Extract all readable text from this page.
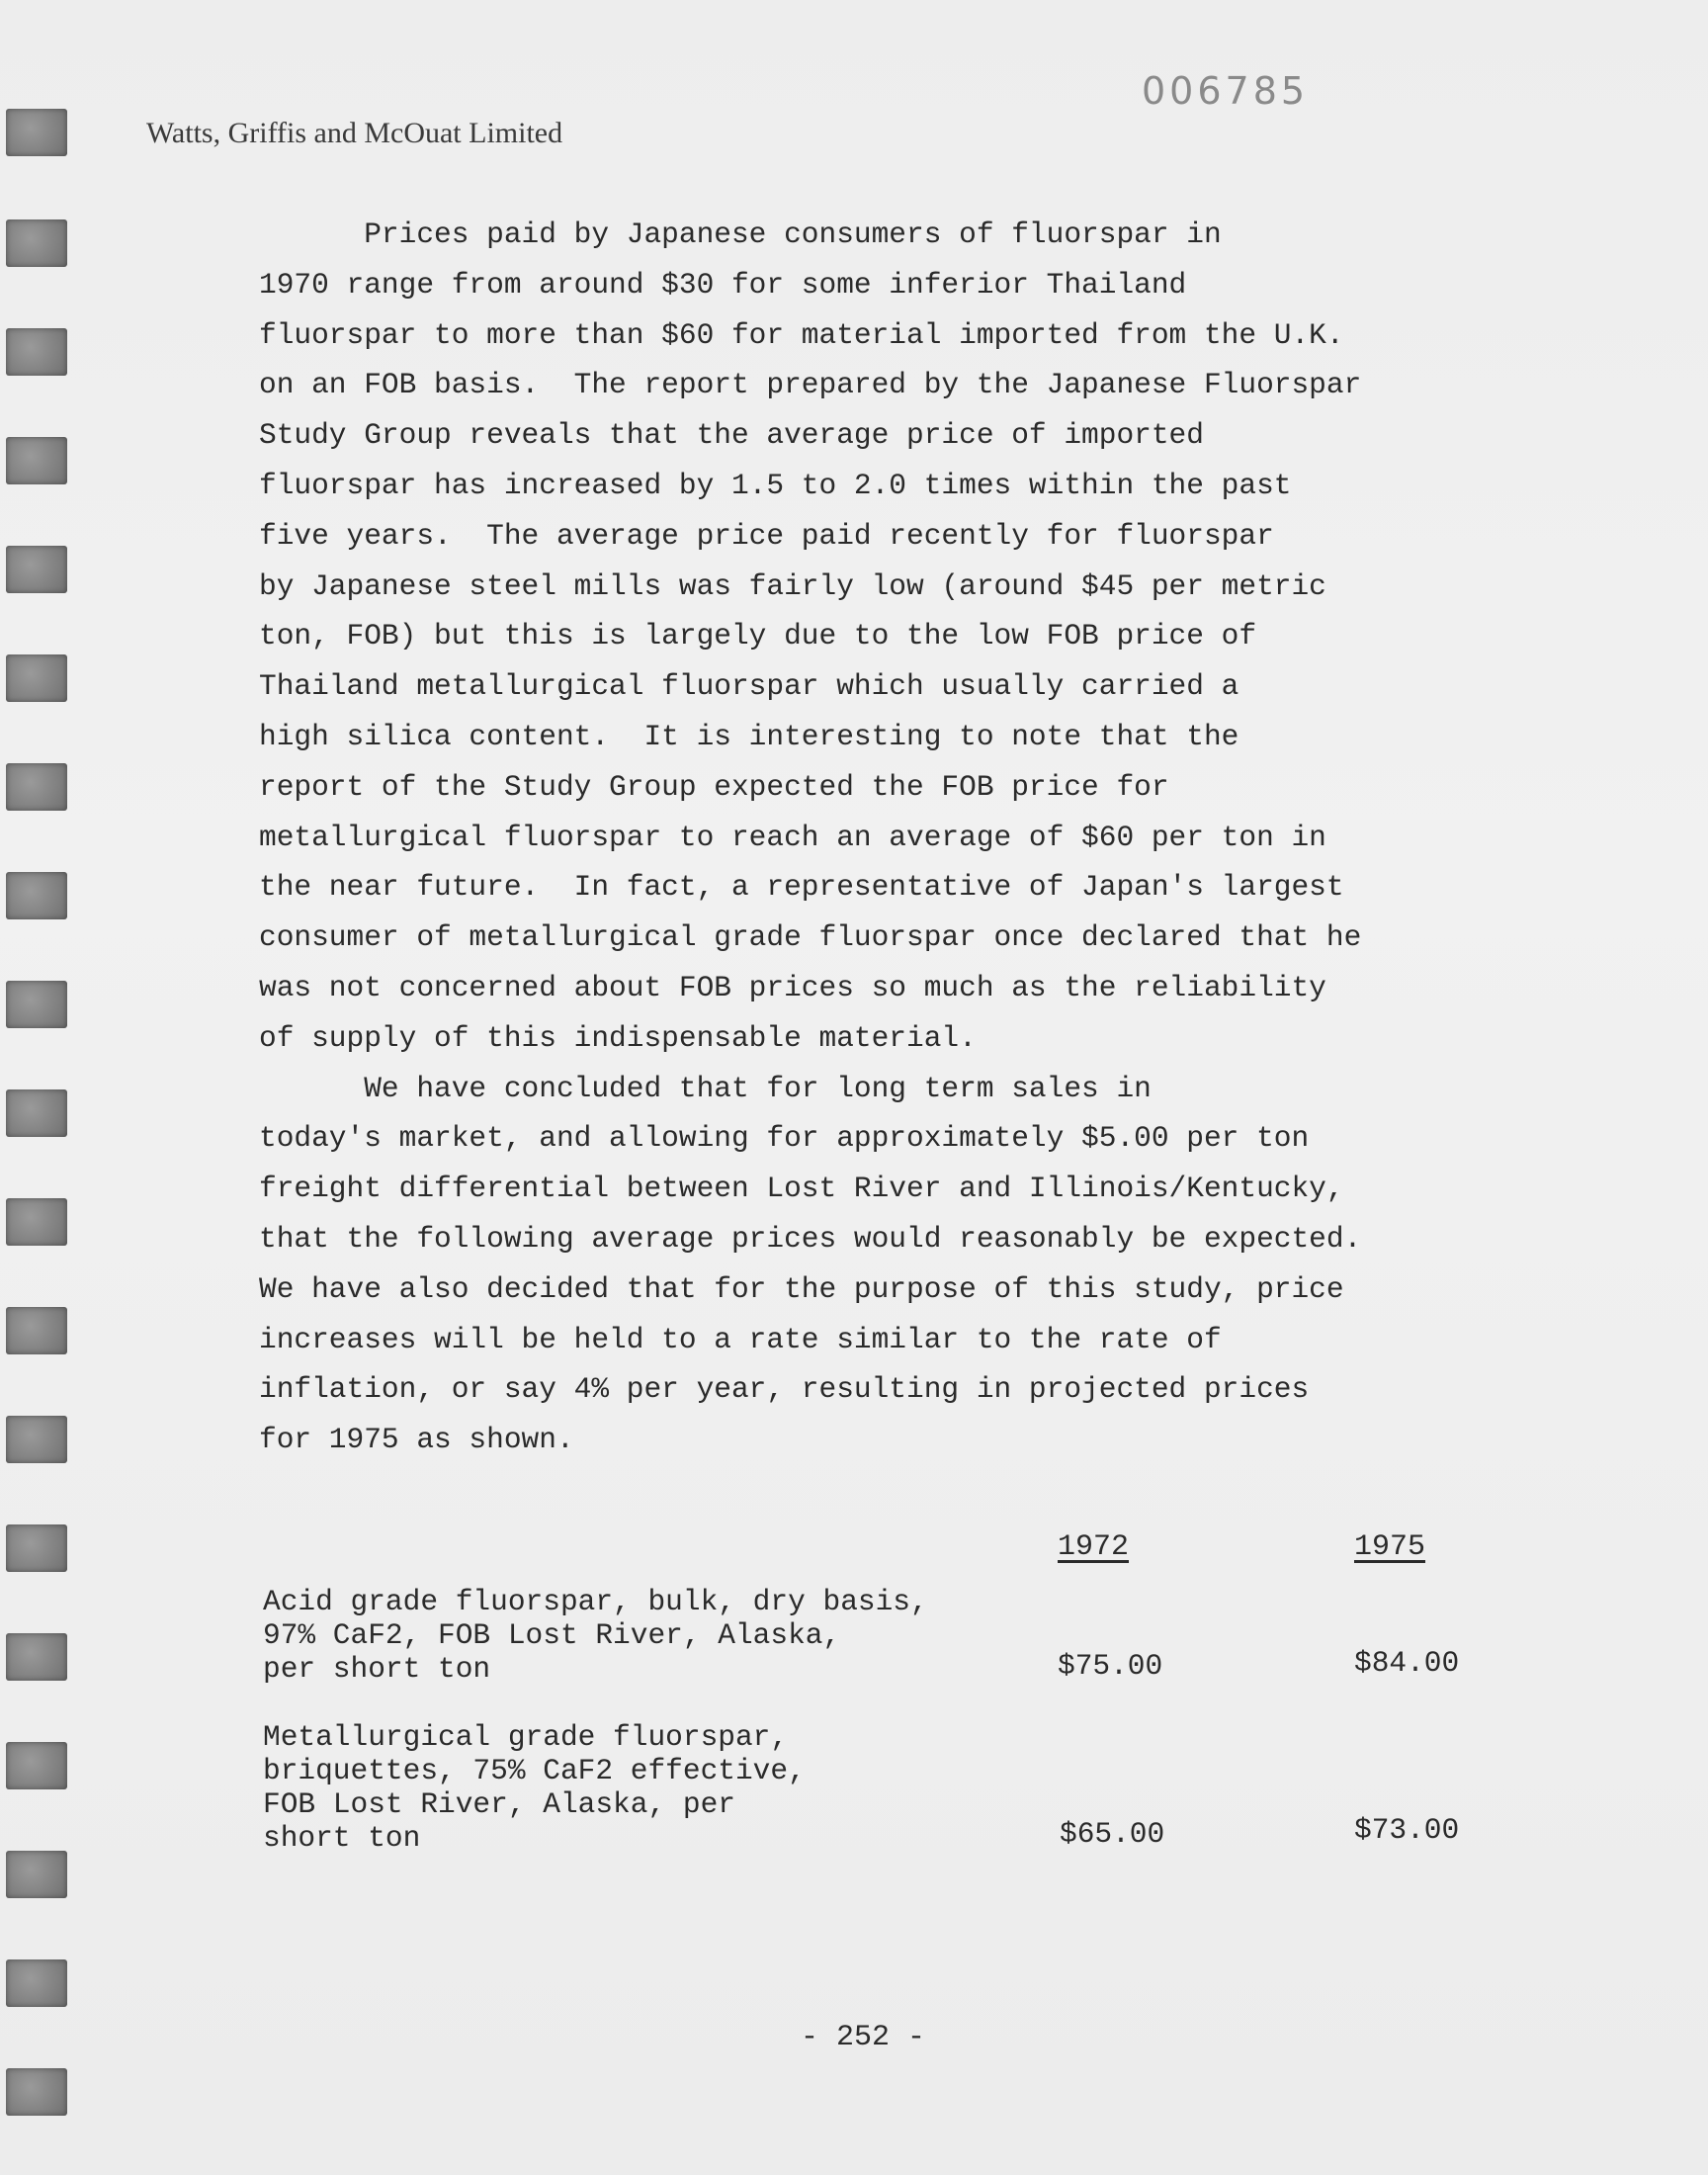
006785
Watts, Griffis and McOuat Limited

Prices paid by Japanese consumers of fluorspar in

1970 range from around $30 for some inferior Thailand

fluorspar to more than $60 for material imported from the U.K.

on an FOB basis.  The report prepared by the Japanese Fluorspar

Study Group reveals that the average price of imported

fluorspar has increased by 1.5 to 2.0 times within the past

five years.  The average price paid recently for fluorspar

by Japanese steel mills was fairly low (around $45 per metric

ton, FOB) but this is largely due to the low FOB price of

Thailand metallurgical fluorspar which usually carried a

high silica content.  It is interesting to note that the

report of the Study Group expected the FOB price for

metallurgical fluorspar to reach an average of $60 per ton in

the near future.  In fact, a representative of Japan's largest

consumer of metallurgical grade fluorspar once declared that he

was not concerned about FOB prices so much as the reliability

of supply of this indispensable material.

We have concluded that for long term sales in

today's market, and allowing for approximately $5.00 per ton

freight differential between Lost River and Illinois/Kentucky,

that the following average prices would reasonably be expected.

We have also decided that for the purpose of this study, price

increases will be held to a rate similar to the rate of

inflation, or say 4% per year, resulting in projected prices

for 1975 as shown.

1972	1975
Acid grade fluorspar, bulk, dry basis,
97% CaF2, FOB Lost River, Alaska,
per short ton	$75.00	$84.00
Metallurgical grade fluorspar,
briquettes, 75% CaF2 effective,
FOB Lost River, Alaska, per
short ton	$65.00	$73.00
- 252 -
